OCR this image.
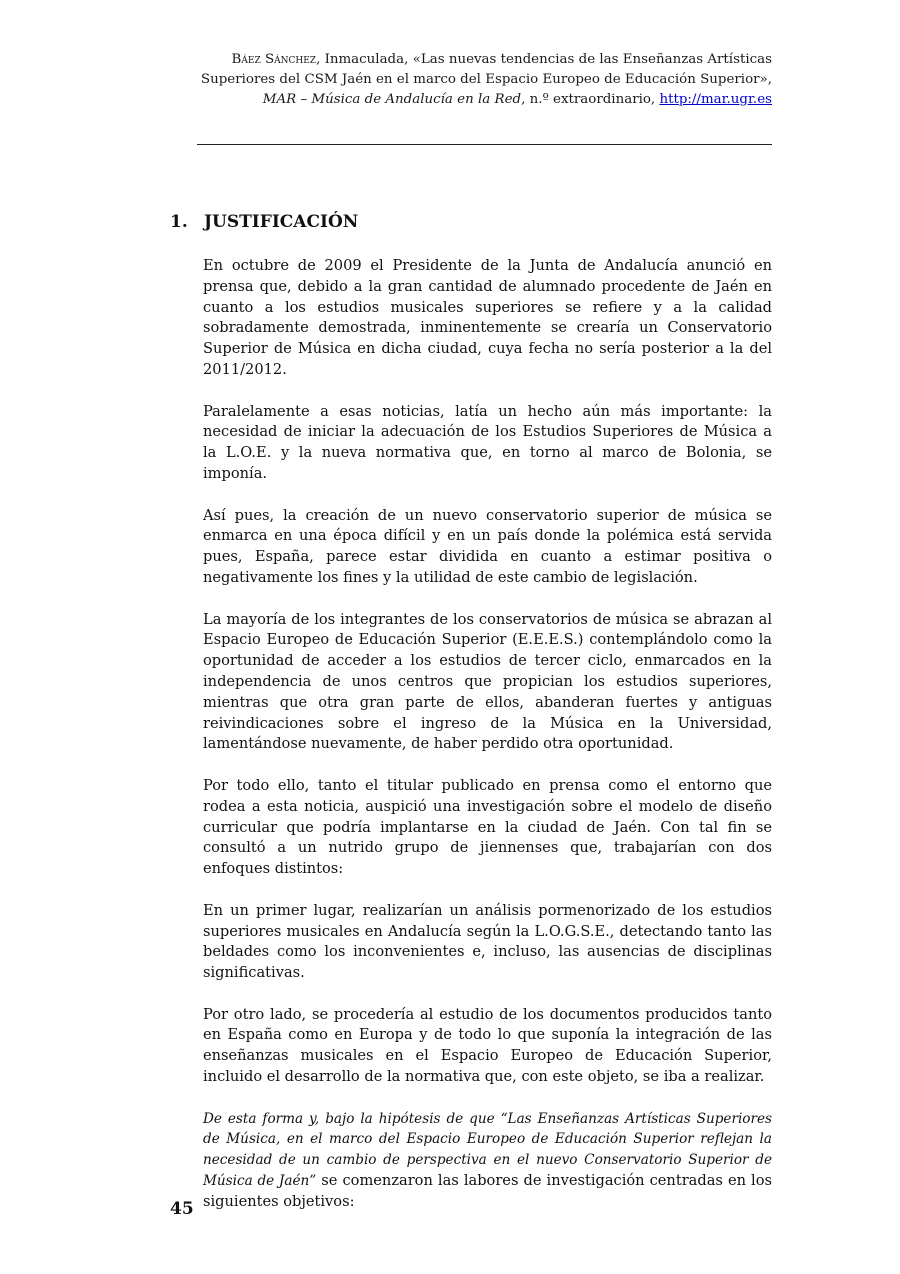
Báez Sánchez, Inmaculada, «Las nuevas tendencias de las Enseñanzas Artísticas Superiores del CSM Jaén en el marco del Espacio Europeo de Educación Superior», MAR – Música de Andalucía en la Red, n.º extraordinario, http://mar.ugr.es
1. JUSTIFICACIÓN

En octubre de 2009 el Presidente de la Junta de Andalucía anunció en prensa que, debido a la gran cantidad de alumnado procedente de Jaén en cuanto a los estudios musicales superiores se refiere y a la calidad sobradamente demostrada, inminentemente se crearía un Conservatorio Superior de Música en dicha ciudad, cuya fecha no sería posterior a la del 2011/2012.

Paralelamente a esas noticias, latía un hecho aún más importante: la necesidad de iniciar la adecuación de los Estudios Superiores de Música a la L.O.E. y la nueva normativa que, en torno al marco de Bolonia, se imponía.

Así pues, la creación de un nuevo conservatorio superior de música se enmarca en una época difícil y en un país donde la polémica está servida pues, España, parece estar dividida en cuanto a estimar positiva o negativamente los fines y la utilidad de este cambio de legislación.

La mayoría de los integrantes de los conservatorios de música se abrazan al Espacio Europeo de Educación Superior (E.E.E.S.) contemplándolo como la oportunidad de acceder a los estudios de tercer ciclo, enmarcados en la independencia de unos centros que propician los estudios superiores, mientras que otra gran parte de ellos, abanderan fuertes y antiguas reivindicaciones sobre el ingreso de la Música en la Universidad, lamentándose nuevamente, de haber perdido otra oportunidad.

Por todo ello, tanto el titular publicado en prensa como el entorno que rodea a esta noticia, auspició una investigación sobre el modelo de diseño curricular que podría implantarse en la ciudad de Jaén. Con tal fin se consultó a un nutrido grupo de jiennenses que, trabajarían con dos enfoques distintos:

En un primer lugar, realizarían un análisis pormenorizado de los estudios superiores musicales en Andalucía según la L.O.G.S.E., detectando tanto las beldades como los inconvenientes e, incluso, las ausencias de disciplinas significativas.

Por otro lado, se procedería al estudio de los documentos producidos tanto en España como en Europa y de todo lo que suponía la integración de las enseñanzas musicales en el Espacio Europeo de Educación Superior, incluido el desarrollo de la normativa que, con este objeto, se iba a realizar.

De esta forma y, bajo la hipótesis de que “Las Enseñanzas Artísticas Superiores de Música, en el marco del Espacio Europeo de Educación Superior reflejan la necesidad de un cambio de perspectiva en el nuevo Conservatorio Superior de Música de Jaén” se comenzaron las labores de investigación centradas en los siguientes objetivos:

45
